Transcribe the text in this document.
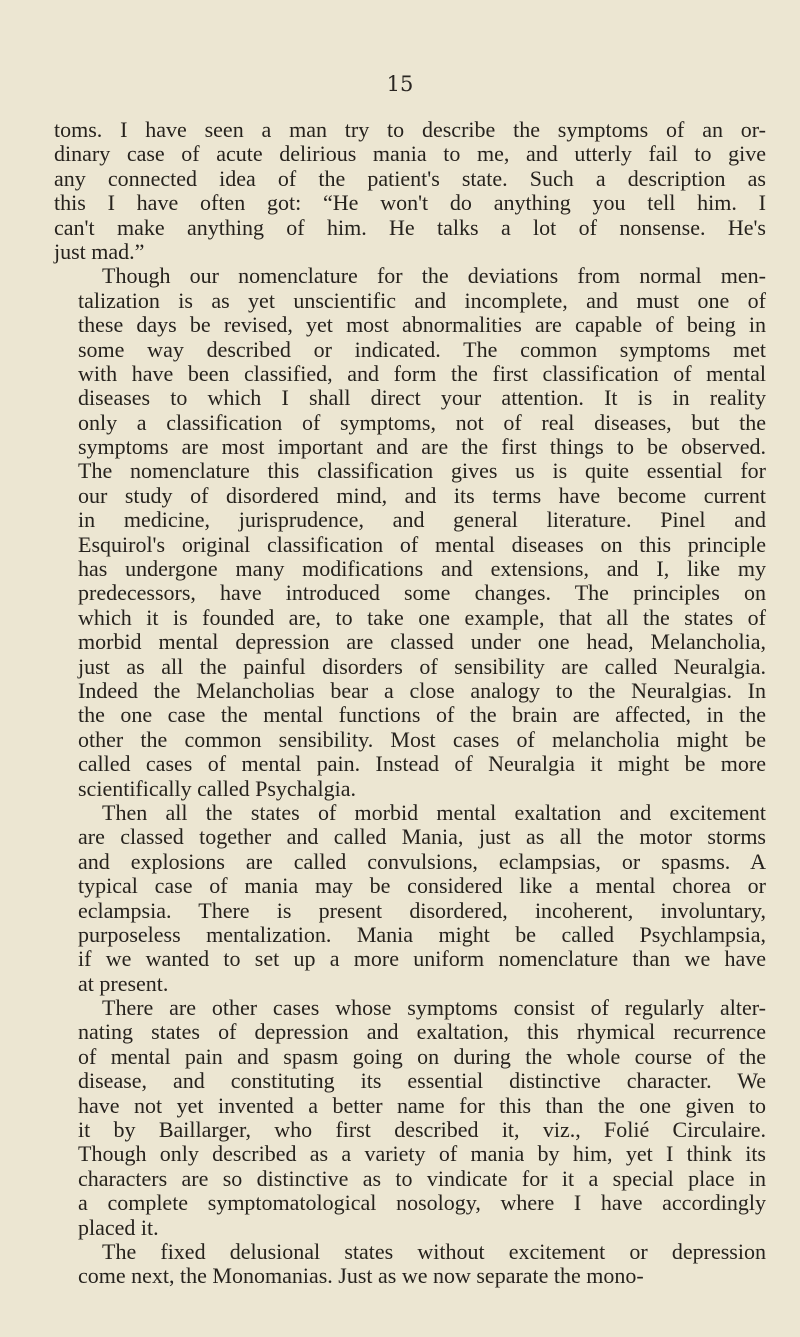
15
toms. I have seen a man try to describe the symptoms of an or-
dinary case of acute delirious mania to me, and utterly fail to give
any connected idea of the patient's state. Such a description as
this I have often got: “He won't do anything you tell him. I
can't make anything of him. He talks a lot of nonsense. He's
just mad.”
Though our nomenclature for the deviations from normal men-
talization is as yet unscientific and incomplete, and must one of
these days be revised, yet most abnormalities are capable of being in
some way described or indicated. The common symptoms met
with have been classified, and form the first classification of mental
diseases to which I shall direct your attention. It is in reality
only a classification of symptoms, not of real diseases, but the
symptoms are most important and are the first things to be observed.
The nomenclature this classification gives us is quite essential for
our study of disordered mind, and its terms have become current
in medicine, jurisprudence, and general literature. Pinel and
Esquirol's original classification of mental diseases on this principle
has undergone many modifications and extensions, and I, like my
predecessors, have introduced some changes. The principles on
which it is founded are, to take one example, that all the states of
morbid mental depression are classed under one head, Melancholia,
just as all the painful disorders of sensibility are called Neuralgia.
Indeed the Melancholias bear a close analogy to the Neuralgias. In
the one case the mental functions of the brain are affected, in the
other the common sensibility. Most cases of melancholia might be
called cases of mental pain. Instead of Neuralgia it might be more
scientifically called Psychalgia.
Then all the states of morbid mental exaltation and excitement
are classed together and called Mania, just as all the motor storms
and explosions are called convulsions, eclampsias, or spasms. A
typical case of mania may be considered like a mental chorea or
eclampsia. There is present disordered, incoherent, involuntary,
purposeless mentalization. Mania might be called Psychlampsia,
if we wanted to set up a more uniform nomenclature than we have
at present.
There are other cases whose symptoms consist of regularly alter-
nating states of depression and exaltation, this rhymical recurrence
of mental pain and spasm going on during the whole course of the
disease, and constituting its essential distinctive character. We
have not yet invented a better name for this than the one given to
it by Baillarger, who first described it, viz., Folié Circulaire.
Though only described as a variety of mania by him, yet I think its
characters are so distinctive as to vindicate for it a special place in
a complete symptomatological nosology, where I have accordingly
placed it.
The fixed delusional states without excitement or depression
come next, the Monomanias. Just as we now separate the mono-
